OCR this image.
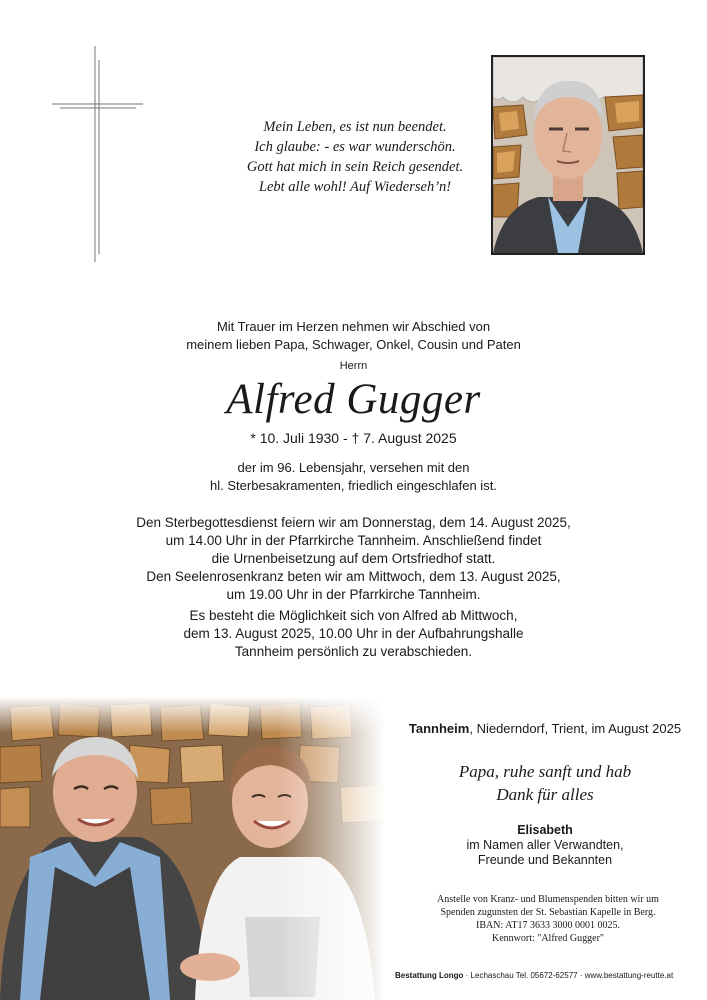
Mein Leben, es ist nun beendet.
Ich glaube: - es war wunderschön.
Gott hat mich in sein Reich gesendet.
Lebt alle wohl! Auf Wiederseh’n!
Mit Trauer im Herzen nehmen wir Abschied von
meinem lieben Papa, Schwager, Onkel, Cousin und Paten
Herrn
Alfred Gugger
* 10. Juli 1930 - † 7. August 2025
der im 96. Lebensjahr, versehen mit den
hl. Sterbesakramenten, friedlich eingeschlafen ist.
Den Sterbegottesdienst feiern wir am Donnerstag, dem 14. August 2025,
um 14.00 Uhr in der Pfarrkirche Tannheim. Anschließend findet
die Urnenbeisetzung auf dem Ortsfriedhof statt.
Den Seelenrosenkranz beten wir am Mittwoch, dem 13. August 2025,
um 19.00 Uhr in der Pfarrkirche Tannheim.
Es besteht die Möglichkeit sich von Alfred ab Mittwoch,
dem 13. August 2025, 10.00 Uhr in der Aufbahrungshalle
Tannheim persönlich zu verabschieden.
Tannheim, Niederndorf, Trient, im August 2025
Papa, ruhe sanft und hab
Dank für alles
Elisabeth
im Namen aller Verwandten,
Freunde und Bekannten
Anstelle von Kranz- und Blumenspenden bitten wir um
Spenden zugunsten der St. Sebastian Kapelle in Berg.
IBAN: AT17 3633 3000 0001 0025.
Kennwort: "Alfred Gugger"
Bestattung Longo · Lechaschau Tel. 05672-62577 · www.bestattung-reutte.at
